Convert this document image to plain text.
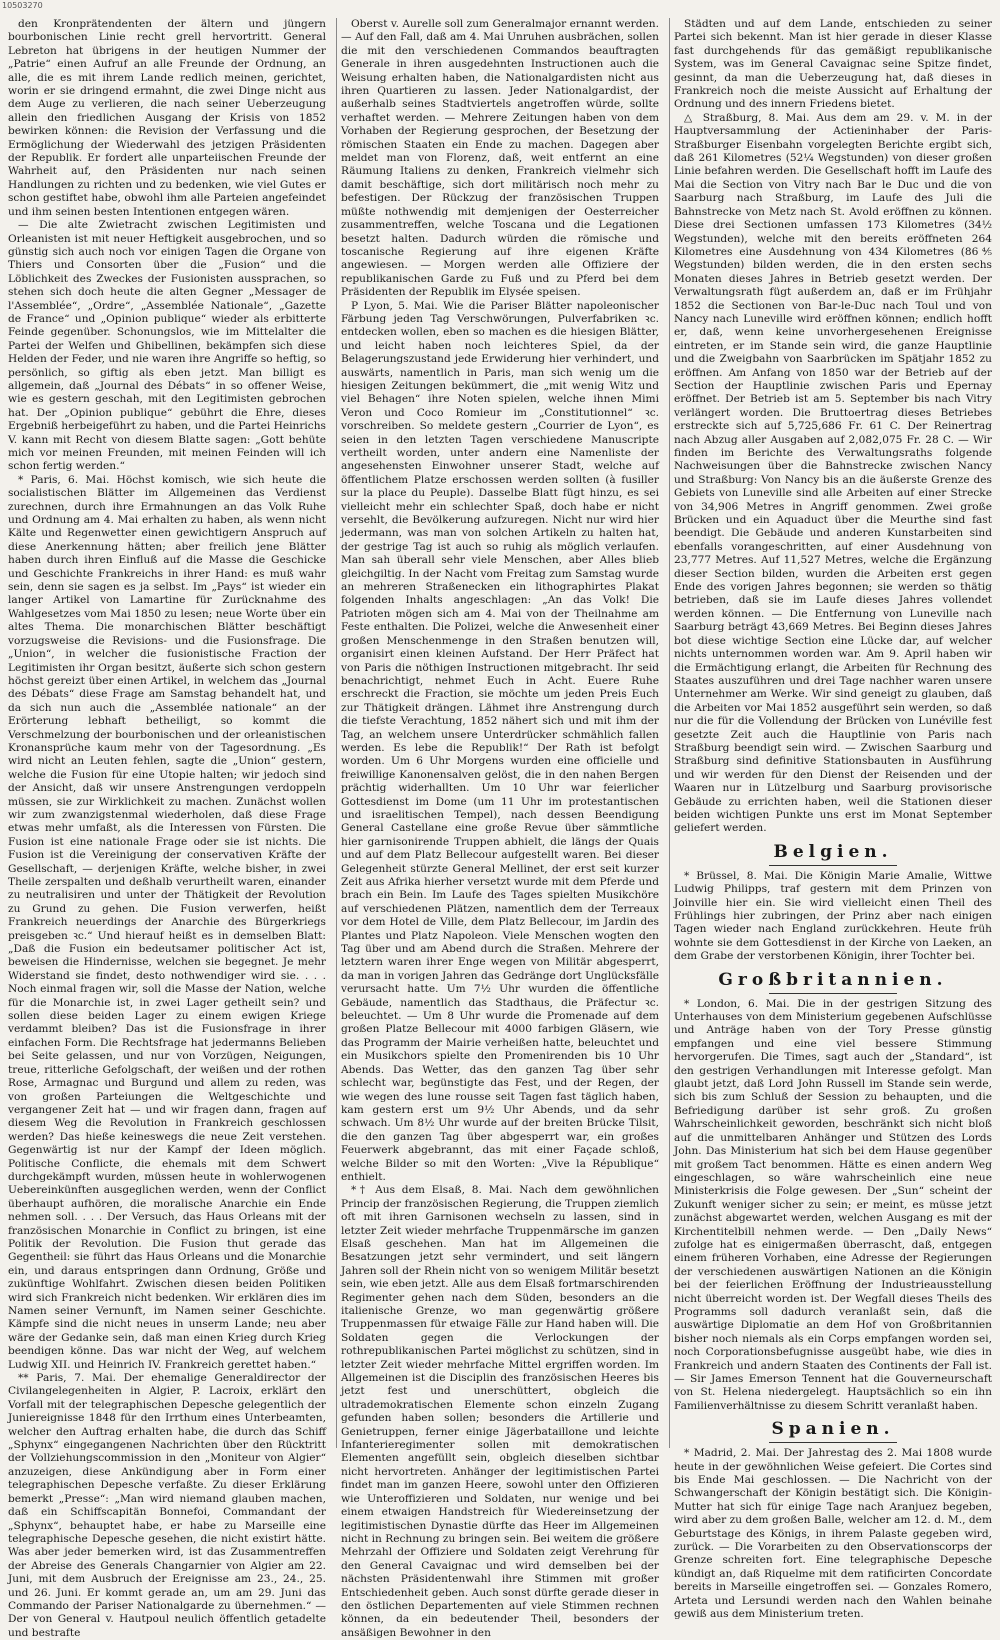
10503270

den Kronprätendenten der ältern und jüngern bourbonischen Linie recht grell hervortritt. General Lebreton hat übrigens in der heutigen Nummer der „Patrie“ einen Aufruf an alle Freunde der Ordnung, an alle, die es mit ihrem Lande redlich meinen, gerichtet, worin er sie dringend ermahnt, die zwei Dinge nicht aus dem Auge zu verlieren, die nach seiner Ueberzeugung allein den friedlichen Ausgang der Krisis von 1852 bewirken können: die Revision der Verfassung und die Ermöglichung der Wiederwahl des jetzigen Präsidenten der Republik. Er fordert alle unparteiischen Freunde der Wahrheit auf, den Präsidenten nur nach seinen Handlungen zu richten und zu bedenken, wie viel Gutes er schon gestiftet habe, obwohl ihm alle Parteien angefeindet und ihm seinen besten Intentionen entgegen wären.

— Die alte Zwietracht zwischen Legitimisten und Orleanisten ist mit neuer Heftigkeit ausgebrochen, und so günstig sich auch noch vor einigen Tagen die Organe von Thiers und Consorten über die „Fusion“ und die Löblichkeit des Zweckes der Fusionisten aussprachen, so stehen sich doch heute die alten Gegner „Messager de l'Assemblée“, „Ordre“, „Assemblée Nationale“, „Gazette de France“ und „Opinion publique“ wieder als erbitterte Feinde gegenüber. Schonungslos, wie im Mittelalter die Partei der Welfen und Ghibellinen, bekämpfen sich diese Helden der Feder, und nie waren ihre Angriffe so heftig, so persönlich, so giftig als eben jetzt. Man billigt es allgemein, daß „Journal des Débats“ in so offener Weise, wie es gestern geschah, mit den Legitimisten gebrochen hat. Der „Opinion publique“ gebührt die Ehre, dieses Ergebniß herbeigeführt zu haben, und die Partei Heinrichs V. kann mit Recht von diesem Blatte sagen: „Gott behüte mich vor meinen Freunden, mit meinen Feinden will ich schon fertig werden.“

* Paris, 6. Mai. Höchst komisch, wie sich heute die socialistischen Blätter im Allgemeinen das Verdienst zurechnen, durch ihre Ermahnungen an das Volk Ruhe und Ordnung am 4. Mai erhalten zu haben, als wenn nicht Kälte und Regenwetter einen gewichtigern Anspruch auf diese Anerkennung hätten; aber freilich jene Blätter haben durch ihren Einfluß auf die Masse die Geschicke und Geschichte Frankreichs in ihrer Hand: es muß wahr sein, denn sie sagen es ja selbst. Im „Pays“ ist wieder ein langer Artikel von Lamartine für Zurücknahme des Wahlgesetzes vom Mai 1850 zu lesen; neue Worte über ein altes Thema. Die monarchischen Blätter beschäftigt vorzugsweise die Revisions- und die Fusionsfrage. Die „Union“, in welcher die fusionistische Fraction der Legitimisten ihr Organ besitzt, äußerte sich schon gestern höchst gereizt über einen Artikel, in welchem das „Journal des Débats“ diese Frage am Samstag behandelt hat, und da sich nun auch die „Assemblée nationale“ an der Erörterung lebhaft betheiligt, so kommt die Verschmelzung der bourbonischen und der orleanistischen Kronansprüche kaum mehr von der Tagesordnung. „Es wird nicht an Leuten fehlen, sagte die „Union“ gestern, welche die Fusion für eine Utopie halten; wir jedoch sind der Ansicht, daß wir unsere Anstrengungen verdoppeln müssen, sie zur Wirklichkeit zu machen. Zunächst wollen wir zum zwanzigstenmal wiederholen, daß diese Frage etwas mehr umfaßt, als die Interessen von Fürsten. Die Fusion ist eine nationale Frage oder sie ist nichts. Die Fusion ist die Vereinigung der conservativen Kräfte der Gesellschaft, — derjenigen Kräfte, welche bisher, in zwei Theile zerspalten und deßhalb verurtheilt waren, einander zu neutralisiren und unter der Thätigkeit der Revolution zu Grund zu gehen. Die Fusion verwerfen, heißt Frankreich neuerdings der Anarchie des Bürgerkriegs preisgeben ꝛc.“ Und hierauf heißt es in demselben Blatt: „Daß die Fusion ein bedeutsamer politischer Act ist, beweisen die Hindernisse, welchen sie begegnet. Je mehr Widerstand sie findet, desto nothwendiger wird sie. . . . Noch einmal fragen wir, soll die Masse der Nation, welche für die Monarchie ist, in zwei Lager getheilt sein? und sollen diese beiden Lager zu einem ewigen Kriege verdammt bleiben? Das ist die Fusionsfrage in ihrer einfachen Form. Die Rechtsfrage hat jedermanns Belieben bei Seite gelassen, und nur von Vorzügen, Neigungen, treue, ritterliche Gefolgschaft, der weißen und der rothen Rose, Armagnac und Burgund und allem zu reden, was von großen Parteiungen die Weltgeschichte und vergangener Zeit hat — und wir fragen dann, fragen auf diesem Weg die Revolution in Frankreich geschlossen werden? Das hieße keineswegs die neue Zeit verstehen. Gegenwärtig ist nur der Kampf der Ideen möglich. Politische Conflicte, die ehemals mit dem Schwert durchgekämpft wurden, müssen heute in wohlerwogenen Uebereinkünften ausgeglichen werden, wenn der Conflict überhaupt aufhören, die moralische Anarchie ein Ende nehmen soll. . . . Der Versuch, das Haus Orleans mit der französischen Monarchie in Conflict zu bringen, ist eine Politik der Revolution. Die Fusion thut gerade das Gegentheil: sie führt das Haus Orleans und die Monarchie ein, und daraus entspringen dann Ordnung, Größe und zukünftige Wohlfahrt. Zwischen diesen beiden Politiken wird sich Frankreich nicht bedenken. Wir erklären dies im Namen seiner Vernunft, im Namen seiner Geschichte. Kämpfe sind die nicht neues in unserm Lande; neu aber wäre der Gedanke sein, daß man einen Krieg durch Krieg beendigen könne. Das war nicht der Weg, auf welchem Ludwig XII. und Heinrich IV. Frankreich gerettet haben.“

** Paris, 7. Mai. Der ehemalige Generaldirector der Civilangelegenheiten in Algier, P. Lacroix, erklärt den Vorfall mit der telegraphischen Depesche gelegentlich der Juniereignisse 1848 für den Irrthum eines Unterbeamten, welcher den Auftrag erhalten habe, die durch das Schiff „Sphynx“ eingegangenen Nachrichten über den Rücktritt der Vollziehungscommission in den „Moniteur von Algier“ anzuzeigen, diese Ankündigung aber in Form einer telegraphischen Depesche verfaßte. Zu dieser Erklärung bemerkt „Presse“: „Man wird niemand glauben machen, daß ein Schiffscapitän Bonnefoi, Commandant der „Sphynx“, behauptet habe, er habe zu Marseille eine telegraphische Depesche gesehen, die nicht existirt hätte. Was aber jeder bemerken wird, ist das Zusammentreffen der Abreise des Generals Changarnier von Algier am 22. Juni, mit dem Ausbruch der Ereignisse am 23., 24., 25. und 26. Juni. Er kommt gerade an, um am 29. Juni das Commando der Pariser Nationalgarde zu übernehmen.“ — Der von General v. Hautpoul neulich öffentlich getadelte und bestrafte

Oberst v. Aurelle soll zum Generalmajor ernannt werden. — Auf den Fall, daß am 4. Mai Unruhen ausbrächen, sollen die mit den verschiedenen Commandos beauftragten Generale in ihren ausgedehnten Instructionen auch die Weisung erhalten haben, die Nationalgardisten nicht aus ihren Quartieren zu lassen. Jeder Nationalgardist, der außerhalb seines Stadtviertels angetroffen würde, sollte verhaftet werden. — Mehrere Zeitungen haben von dem Vorhaben der Regierung gesprochen, der Besetzung der römischen Staaten ein Ende zu machen. Dagegen aber meldet man von Florenz, daß, weit entfernt an eine Räumung Italiens zu denken, Frankreich vielmehr sich damit beschäftige, sich dort militärisch noch mehr zu befestigen. Der Rückzug der französischen Truppen müßte nothwendig mit demjenigen der Oesterreicher zusammentreffen, welche Toscana und die Legationen besetzt halten. Dadurch würden die römische und toscanische Regierung auf ihre eigenen Kräfte angewiesen. — Morgen werden alle Offiziere der republikanischen Garde zu Fuß und zu Pferd bei dem Präsidenten der Republik im Elysée speisen.

P Lyon, 5. Mai. Wie die Pariser Blätter napoleonischer Färbung jeden Tag Verschwörungen, Pulverfabriken ꝛc. entdecken wollen, eben so machen es die hiesigen Blätter, und leicht haben noch leichteres Spiel, da der Belagerungszustand jede Erwiderung hier verhindert, und auswärts, namentlich in Paris, man sich wenig um die hiesigen Zeitungen bekümmert, die „mit wenig Witz und viel Behagen“ ihre Noten spielen, welche ihnen Mimi Veron und Coco Romieur im „Constitutionnel“ ꝛc. vorschreiben. So meldete gestern „Courrier de Lyon“, es seien in den letzten Tagen verschiedene Manuscripte vertheilt worden, unter andern eine Namenliste der angesehensten Einwohner unserer Stadt, welche auf öffentlichem Platze erschossen werden sollten (à fusiller sur la place du Peuple). Dasselbe Blatt fügt hinzu, es sei vielleicht mehr ein schlechter Spaß, doch habe er nicht versehlt, die Bevölkerung aufzuregen. Nicht nur wird hier jedermann, was man von solchen Artikeln zu halten hat, der gestrige Tag ist auch so ruhig als möglich verlaufen. Man sah überall sehr viele Menschen, aber Alles blieb gleichgiltig. In der Nacht vom Freitag zum Samstag wurde an mehreren Straßenecken ein lithographirtes Plakat folgenden Inhalts angeschlagen: „An das Volk! Die Patrioten mögen sich am 4. Mai von der Theilnahme am Feste enthalten. Die Polizei, welche die Anwesenheit einer großen Menschenmenge in den Straßen benutzen will, organisirt einen kleinen Aufstand. Der Herr Präfect hat von Paris die nöthigen Instructionen mitgebracht. Ihr seid benachrichtigt, nehmet Euch in Acht. Euere Ruhe erschreckt die Fraction, sie möchte um jeden Preis Euch zur Thätigkeit drängen. Lähmet ihre Anstrengung durch die tiefste Verachtung, 1852 nähert sich und mit ihm der Tag, an welchem unsere Unterdrücker schmählich fallen werden. Es lebe die Republik!“ Der Rath ist befolgt worden. Um 6 Uhr Morgens wurden eine officielle und freiwillige Kanonensalven gelöst, die in den nahen Bergen prächtig widerhallten. Um 10 Uhr war feierlicher Gottesdienst im Dome (um 11 Uhr im protestantischen und israelitischen Tempel), nach dessen Beendigung General Castellane eine große Revue über sämmtliche hier garnisonirende Truppen abhielt, die längs der Quais und auf dem Platz Bellecour aufgestellt waren. Bei dieser Gelegenheit stürzte General Mellinet, der erst seit kurzer Zeit aus Afrika hierher versetzt wurde mit dem Pferde und brach ein Bein. Im Laufe des Tages spielten Musikchöre auf verschiedenen Plätzen, namentlich dem der Terreaux vor dem Hotel de Ville, dem Platz Bellecour, im Jardin des Plantes und Platz Napoleon. Viele Menschen wogten den Tag über und am Abend durch die Straßen. Mehrere der letztern waren ihrer Enge wegen von Militär abgesperrt, da man in vorigen Jahren das Gedränge dort Unglücksfälle verursacht hatte. Um 7½ Uhr wurden die öffentliche Gebäude, namentlich das Stadthaus, die Präfectur ꝛc. beleuchtet. — Um 8 Uhr wurde die Promenade auf dem großen Platze Bellecour mit 4000 farbigen Gläsern, wie das Programm der Mairie verheißen hatte, beleuchtet und ein Musikchors spielte den Promenirenden bis 10 Uhr Abends. Das Wetter, das den ganzen Tag über sehr schlecht war, begünstigte das Fest, und der Regen, der wie wegen des lune rousse seit Tagen fast täglich haben, kam gestern erst um 9½ Uhr Abends, und da sehr schwach. Um 8½ Uhr wurde auf der breiten Brücke Tilsit, die den ganzen Tag über abgesperrt war, ein großes Feuerwerk abgebrannt, das mit einer Façade schloß, welche Bilder so mit den Worten: „Vive la République“ enthielt.

*† Aus dem Elsaß, 8. Mai. Nach dem gewöhnlichen Princip der französischen Regierung, die Truppen ziemlich oft mit ihren Garnisonen wechseln zu lassen, sind in letzter Zeit wieder mehrfache Truppenmärsche im ganzen Elsaß geschehen. Man hat im Allgemeinen die Besatzungen jetzt sehr vermindert, und seit längern Jahren soll der Rhein nicht von so wenigem Militär besetzt sein, wie eben jetzt. Alle aus dem Elsaß fortmarschirenden Regimenter gehen nach dem Süden, besonders an die italienische Grenze, wo man gegenwärtig größere Truppenmassen für etwaige Fälle zur Hand haben will. Die Soldaten gegen die Verlockungen der rothrepublikanischen Partei möglichst zu schützen, sind in letzter Zeit wieder mehrfache Mittel ergriffen worden. Im Allgemeinen ist die Disciplin des französischen Heeres bis jetzt fest und unerschüttert, obgleich die ultrademokratischen Elemente schon einzeln Zugang gefunden haben sollen; besonders die Artillerie und Genietruppen, ferner einige Jägerbataillone und leichte Infanterieregimenter sollen mit demokratischen Elementen angefüllt sein, obgleich dieselben sichtbar nicht hervortreten. Anhänger der legitimistischen Partei findet man im ganzen Heere, sowohl unter den Offizieren wie Unteroffizieren und Soldaten, nur wenige und bei einem etwaigen Handstreich für Wiedereinsetzung der legitimistischen Dynastie dürfte das Heer im Allgemeinen nicht in Rechnung zu bringen sein. Bei weitem die größere Mehrzahl der Offiziere und Soldaten zeigt Verehrung für den General Cavaignac und wird demselben bei der nächsten Präsidentenwahl ihre Stimmen mit großer Entschiedenheit geben. Auch sonst dürfte gerade dieser in den östlichen Departementen auf viele Stimmen rechnen können, da ein bedeutender Theil, besonders der ansäßigen Bewohner in den

Städten und auf dem Lande, entschieden zu seiner Partei sich bekennt. Man ist hier gerade in dieser Klasse fast durchgehends für das gemäßigt republikanische System, was im General Cavaignac seine Spitze findet, gesinnt, da man die Ueberzeugung hat, daß dieses in Frankreich noch die meiste Aussicht auf Erhaltung der Ordnung und des innern Friedens bietet.

△ Straßburg, 8. Mai. Aus dem am 29. v. M. in der Hauptversammlung der Actieninhaber der Paris-Straßburger Eisenbahn vorgelegten Berichte ergibt sich, daß 261 Kilometres (52¼ Wegstunden) von dieser großen Linie befahren werden. Die Gesellschaft hofft im Laufe des Mai die Section von Vitry nach Bar le Duc und die von Saarburg nach Straßburg, im Laufe des Juli die Bahnstrecke von Metz nach St. Avold eröffnen zu können. Diese drei Sectionen umfassen 173 Kilometres (34½ Wegstunden), welche mit den bereits eröffneten 264 Kilometres eine Ausdehnung von 434 Kilometres (86⅘ Wegstunden) bilden werden, die in den ersten sechs Monaten dieses Jahres in Betrieb gesetzt werden. Der Verwaltungsrath fügt außerdem an, daß er im Frühjahr 1852 die Sectionen von Bar-le-Duc nach Toul und von Nancy nach Luneville wird eröffnen können; endlich hofft er, daß, wenn keine unvorhergesehenen Ereignisse eintreten, er im Stande sein wird, die ganze Hauptlinie und die Zweigbahn von Saarbrücken im Spätjahr 1852 zu eröffnen. Am Anfang von 1850 war der Betrieb auf der Section der Hauptlinie zwischen Paris und Epernay eröffnet. Der Betrieb ist am 5. September bis nach Vitry verlängert worden. Die Bruttoertrag dieses Betriebes erstreckte sich auf 5,725,686 Fr. 61 C. Der Reinertrag nach Abzug aller Ausgaben auf 2,082,075 Fr. 28 C. — Wir finden im Berichte des Verwaltungsraths folgende Nachweisungen über die Bahnstrecke zwischen Nancy und Straßburg: Von Nancy bis an die äußerste Grenze des Gebiets von Luneville sind alle Arbeiten auf einer Strecke von 34,906 Metres in Angriff genommen. Zwei große Brücken und ein Aquaduct über die Meurthe sind fast beendigt. Die Gebäude und anderen Kunstarbeiten sind ebenfalls vorangeschritten, auf einer Ausdehnung von 23,777 Metres. Auf 11,527 Metres, welche die Ergänzung dieser Section bilden, wurden die Arbeiten erst gegen Ende des vorigen Jahres begonnen; sie werden so thätig betrieben, daß sie im Laufe dieses Jahres vollendet werden können. — Die Entfernung von Luneville nach Saarburg beträgt 43,669 Metres. Bei Beginn dieses Jahres bot diese wichtige Section eine Lücke dar, auf welcher nichts unternommen worden war. Am 9. April haben wir die Ermächtigung erlangt, die Arbeiten für Rechnung des Staates auszuführen und drei Tage nachher waren unsere Unternehmer am Werke. Wir sind geneigt zu glauben, daß die Arbeiten vor Mai 1852 ausgeführt sein werden, so daß nur die für die Vollendung der Brücken von Lunéville fest gesetzte Zeit auch die Hauptlinie von Paris nach Straßburg beendigt sein wird. — Zwischen Saarburg und Straßburg sind definitive Stationsbauten in Ausführung und wir werden für den Dienst der Reisenden und der Waaren nur in Lützelburg und Saarburg provisorische Gebäude zu errichten haben, weil die Stationen dieser beiden wichtigen Punkte uns erst im Monat September geliefert werden.

Belgien.

* Brüssel, 8. Mai. Die Königin Marie Amalie, Wittwe Ludwig Philipps, traf gestern mit dem Prinzen von Joinville hier ein. Sie wird vielleicht einen Theil des Frühlings hier zubringen, der Prinz aber nach einigen Tagen wieder nach England zurückkehren. Heute früh wohnte sie dem Gottesdienst in der Kirche von Laeken, an dem Grabe der verstorbenen Königin, ihrer Tochter bei.

Großbritannien.

* London, 6. Mai. Die in der gestrigen Sitzung des Unterhauses von dem Ministerium gegebenen Aufschlüsse und Anträge haben von der Tory Presse günstig empfangen und eine viel bessere Stimmung hervorgerufen. Die Times, sagt auch der „Standard“, ist den gestrigen Verhandlungen mit Interesse gefolgt. Man glaubt jetzt, daß Lord John Russell im Stande sein werde, sich bis zum Schluß der Session zu behaupten, und die Befriedigung darüber ist sehr groß. Zu großen Wahrscheinlichkeit geworden, beschränkt sich nicht bloß auf die unmittelbaren Anhänger und Stützen des Lords John. Das Ministerium hat sich bei dem Hause gegenüber mit großem Tact benommen. Hätte es einen andern Weg eingeschlagen, so wäre wahrscheinlich eine neue Ministerkrisis die Folge gewesen. Der „Sun“ scheint der Zukunft weniger sicher zu sein; er meint, es müsse jetzt zunächst abgewartet werden, welchen Ausgang es mit der Kirchentitelbill nehmen werde. — Den „Daily News“ zufolge hat es einigermaßen überrascht, daß, entgegen einem früheren Vorhaben, eine Adresse der Regierungen der verschiedenen auswärtigen Nationen an die Königin bei der feierlichen Eröffnung der Industrieausstellung nicht überreicht worden ist. Der Wegfall dieses Theils des Programms soll dadurch veranlaßt sein, daß die auswärtige Diplomatie an dem Hof von Großbritannien bisher noch niemals als ein Corps empfangen worden sei, noch Corporationsbefugnisse ausgeübt habe, wie dies in Frankreich und andern Staaten des Continents der Fall ist. — Sir James Emerson Tennent hat die Gouverneurschaft von St. Helena niedergelegt. Hauptsächlich so ein ihn Familienverhältnisse zu diesem Schritt veranlaßt haben.

Spanien.

* Madrid, 2. Mai. Der Jahrestag des 2. Mai 1808 wurde heute in der gewöhnlichen Weise gefeiert. Die Cortes sind bis Ende Mai geschlossen. — Die Nachricht von der Schwangerschaft der Königin bestätigt sich. Die Königin-Mutter hat sich für einige Tage nach Aranjuez begeben, wird aber zu dem großen Balle, welcher am 12. d. M., dem Geburtstage des Königs, in ihrem Palaste gegeben wird, zurück. — Die Vorarbeiten zu den Observationscorps der Grenze schreiten fort. Eine telegraphische Depesche kündigt an, daß Riquelme mit dem ratificirten Concordate bereits in Marseille eingetroffen sei. — Gonzales Romero, Arteta und Lersundi werden nach den Wahlen beinahe gewiß aus dem Ministerium treten.
